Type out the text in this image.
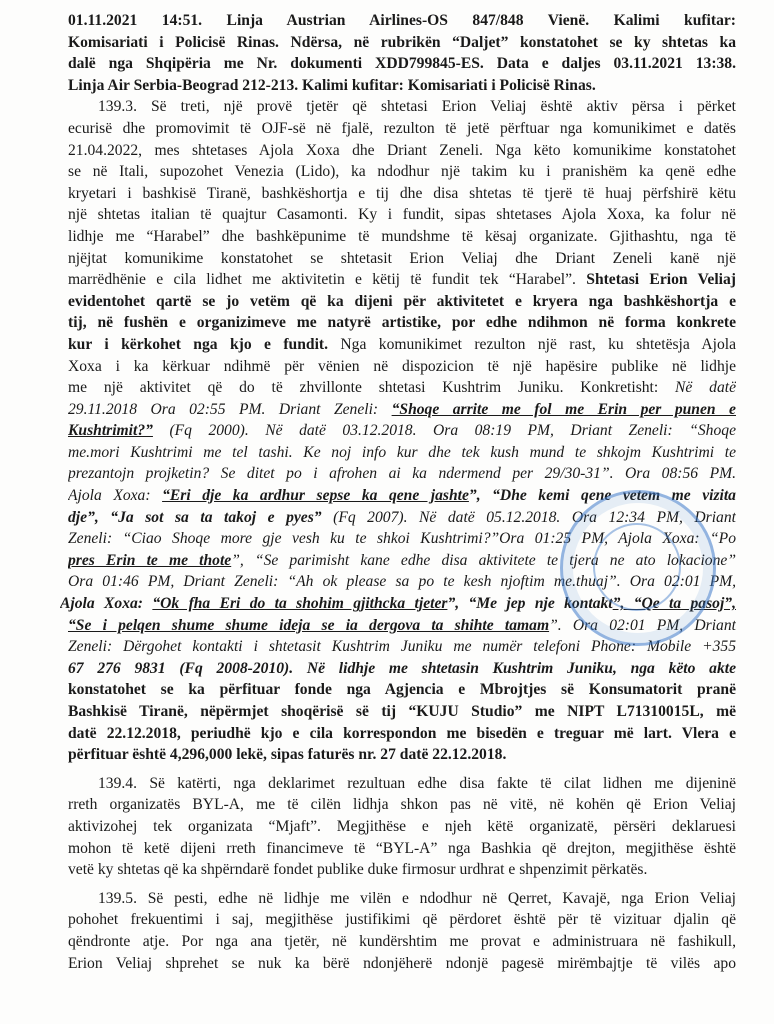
01.11.2021 14:51. Linja Austrian Airlines-OS 847/848 Vienë. Kalimi kufitar:
Komisariati i Policisë Rinas. Ndërsa, në rubrikën “Daljet” konstatohet se ky shtetas ka
dalë nga Shqipëria me Nr. dokumenti XDD799845-ES. Data e daljes 03.11.2021 13:38.
Linja Air Serbia-Beograd 212-213. Kalimi kufitar: Komisariati i Policisë Rinas.
139.3. Së treti, një provë tjetër që shtetasi Erion Veliaj është aktiv përsa i përket
ecurisë dhe promovimit të OJF-së në fjalë, rezulton të jetë përftuar nga komunikimet e datës
21.04.2022, mes shtetases Ajola Xoxa dhe Driant Zeneli. Nga këto komunikime konstatohet
se në Itali, supozohet Venezia (Lido), ka ndodhur një takim ku i pranishëm ka qenë edhe
kryetari i bashkisë Tiranë, bashkëshortja e tij dhe disa shtetas të tjerë të huaj përfshirë këtu
një shtetas italian të quajtur Casamonti. Ky i fundit, sipas shtetases Ajola Xoxa, ka folur në
lidhje me “Harabel” dhe bashkëpunime të mundshme të kësaj organizate. Gjithashtu, nga të
njëjtat komunikime konstatohet se shtetasit Erion Veliaj dhe Driant Zeneli kanë një
marrëdhënie e cila lidhet me aktivitetin e këtij të fundit tek “Harabel”. Shtetasi Erion Veliaj
evidentohet qartë se jo vetëm që ka dijeni për aktivitetet e kryera nga bashkëshortja e
tij, në fushën e organizimeve me natyrë artistike, por edhe ndihmon në forma konkrete
kur i kërkohet nga kjo e fundit. Nga komunikimet rezulton një rast, ku shtetësja Ajola
Xoxa i ka kërkuar ndihmë për vënien në dispozicion të një hapësire publike në lidhje
me një aktivitet që do të zhvillonte shtetasi Kushtrim Juniku. Konkretisht: Në datë
29.11.2018 Ora 02:55 PM. Driant Zeneli: “Shoqe arrite me fol me Erin per punen e
Kushtrimit?” (Fq 2000). Në datë 03.12.2018. Ora 08:19 PM, Driant Zeneli: “Shoqe
me.mori Kushtrimi me tel tashi. Ke noj info kur dhe tek kush mund te shkojm Kushtrimi te
prezantojn projketin? Se ditet po i afrohen ai ka ndermend per 29/30-31”. Ora 08:56 PM.
Ajola Xoxa: “Eri dje ka ardhur sepse ka qene jashte”, “Dhe kemi qene vetem me vizita
dje”, “Ja sot sa ta takoj e pyes” (Fq 2007). Në datë 05.12.2018. Ora 12:34 PM, Driant
Zeneli: “Ciao Shoqe more gje vesh ku te shkoi Kushtrimi?”Ora 01:25 PM, Ajola Xoxa: “Po
pres Erin te me thote”, “Se parimisht kane edhe disa aktivitete te tjera ne ato lokacione”
Ora 01:46 PM, Driant Zeneli: “Ah ok please sa po te kesh njoftim me.thuaj”. Ora 02:01 PM,
Ajola Xoxa: “Ok fha Eri do ta shohim gjithcka tjeter”, “Me jep nje kontakt”, “Qe ta pasoj”,
“Se i pelqen shume shume ideja se ia dergova ta shihte tamam”. Ora 02:01 PM, Driant
Zeneli: Dërgohet kontakti i shtetasit Kushtrim Juniku me numër telefoni Phone: Mobile +355
67 276 9831 (Fq 2008-2010). Në lidhje me shtetasin Kushtrim Juniku, nga këto akte
konstatohet se ka përfituar fonde nga Agjencia e Mbrojtjes së Konsumatorit pranë
Bashkisë Tiranë, nëpërmjet shoqërisë së tij “KUJU Studio” me NIPT L71310015L, më
datë 22.12.2018, periudhë kjo e cila korrespondon me bisedën e treguar më lart. Vlera e
përfituar është 4,296,000 lekë, sipas faturës nr. 27 datë 22.12.2018.
139.4. Së katërti, nga deklarimet rezultuan edhe disa fakte të cilat lidhen me dijeninë
rreth organizatës BYL-A, me të cilën lidhja shkon pas në vitë, në kohën që Erion Veliaj
aktivizohej tek organizata “Mjaft”. Megjithëse e njeh këtë organizatë, përsëri deklaruesi
mohon të ketë dijeni rreth financimeve të “BYL-A” nga Bashkia që drejton, megjithëse është
vetë ky shtetas që ka shpërndarë fondet publike duke firmosur urdhrat e shpenzimit përkatës.
139.5. Së pesti, edhe në lidhje me vilën e ndodhur në Qerret, Kavajë, nga Erion Veliaj
pohohet frekuentimi i saj, megjithëse justifikimi që përdoret është për të vizituar djalin që
qëndronte atje. Por nga ana tjetër, në kundërshtim me provat e administruara në fashikull,
Erion Veliaj shprehet se nuk ka bërë ndonjëherë ndonjë pagesë mirëmbajtje të vilës apo
